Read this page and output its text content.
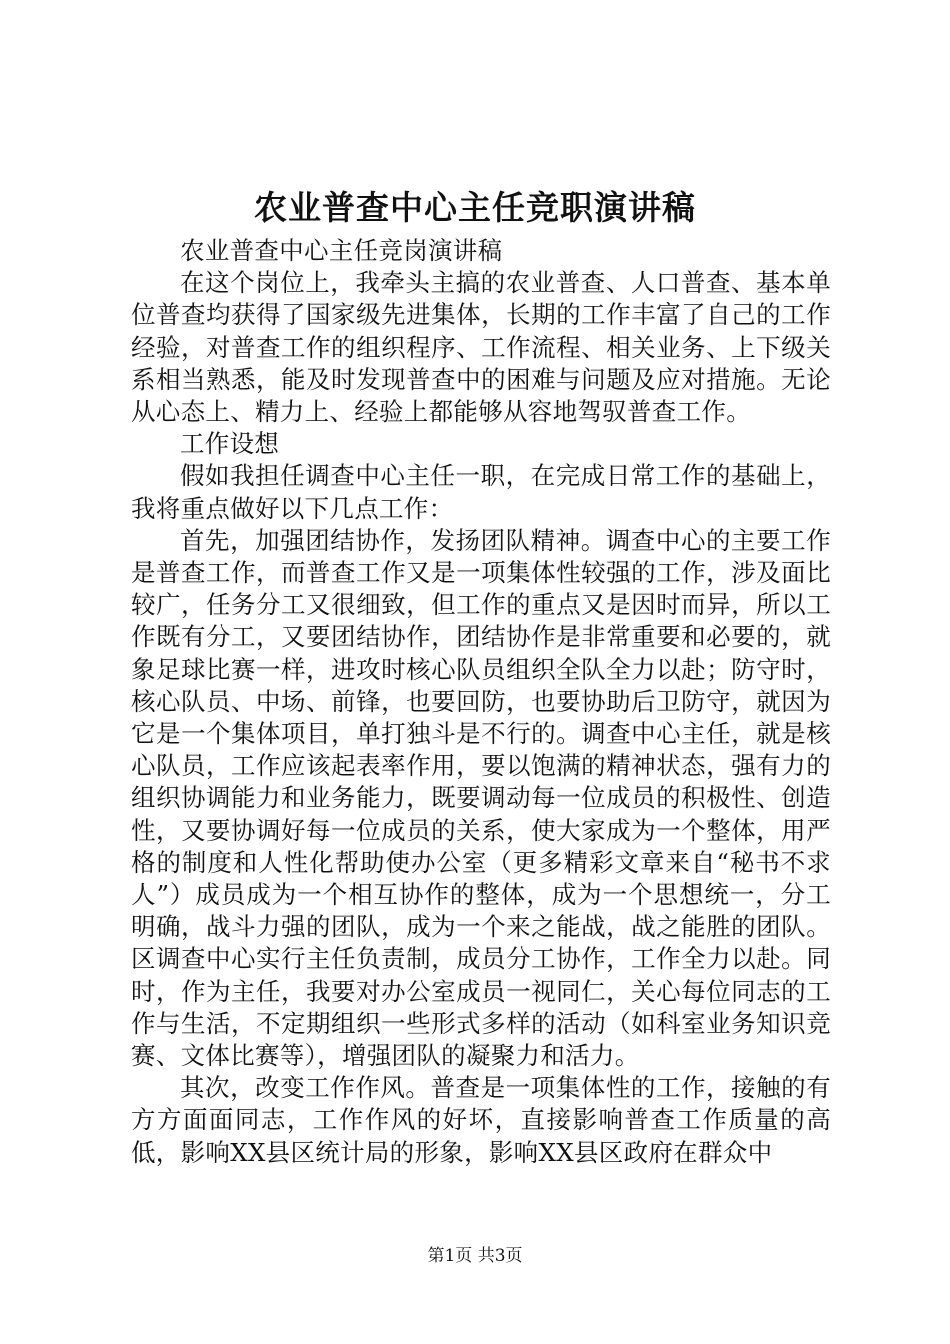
农业普查中心主任竞职演讲稿

农业普查中心主任竞岗演讲稿

在这个岗位上，我牵头主搞的农业普查、人口普查、基本单位普查均获得了国家级先进集体，长期的工作丰富了自己的工作经验，对普查工作的组织程序、工作流程、相关业务、上下级关系相当熟悉，能及时发现普查中的困难与问题及应对措施。无论从心态上、精力上、经验上都能够从容地驾驭普查工作。

工作设想

假如我担任调查中心主任一职，在完成日常工作的基础上，我将重点做好以下几点工作：

首先，加强团结协作，发扬团队精神。调查中心的主要工作是普查工作，而普查工作又是一项集体性较强的工作，涉及面比较广，任务分工又很细致，但工作的重点又是因时而异，所以工作既有分工，又要团结协作，团结协作是非常重要和必要的，就象足球比赛一样，进攻时核心队员组织全队全力以赴；防守时，核心队员、中场、前锋，也要回防，也要协助后卫防守，就因为它是一个集体项目，单打独斗是不行的。调查中心主任，就是核心队员，工作应该起表率作用，要以饱满的精神状态，强有力的组织协调能力和业务能力，既要调动每一位成员的积极性、创造性，又要协调好每一位成员的关系，使大家成为一个整体，用严格的制度和人性化帮助使办公室（更多精彩文章来自“秘书不求人”）成员成为一个相互协作的整体，成为一个思想统一，分工明确，战斗力强的团队，成为一个来之能战，战之能胜的团队。区调查中心实行主任负责制，成员分工协作，工作全力以赴。同时，作为主任，我要对办公室成员一视同仁，关心每位同志的工作与生活，不定期组织一些形式多样的活动（如科室业务知识竞赛、文体比赛等），增强团队的凝聚力和活力。

其次，改变工作作风。普查是一项集体性的工作，接触的有方方面面同志，工作作风的好坏，直接影响普查工作质量的高低，影响XX县区统计局的形象，影响XX县区政府在群众中

第1页 共3页
